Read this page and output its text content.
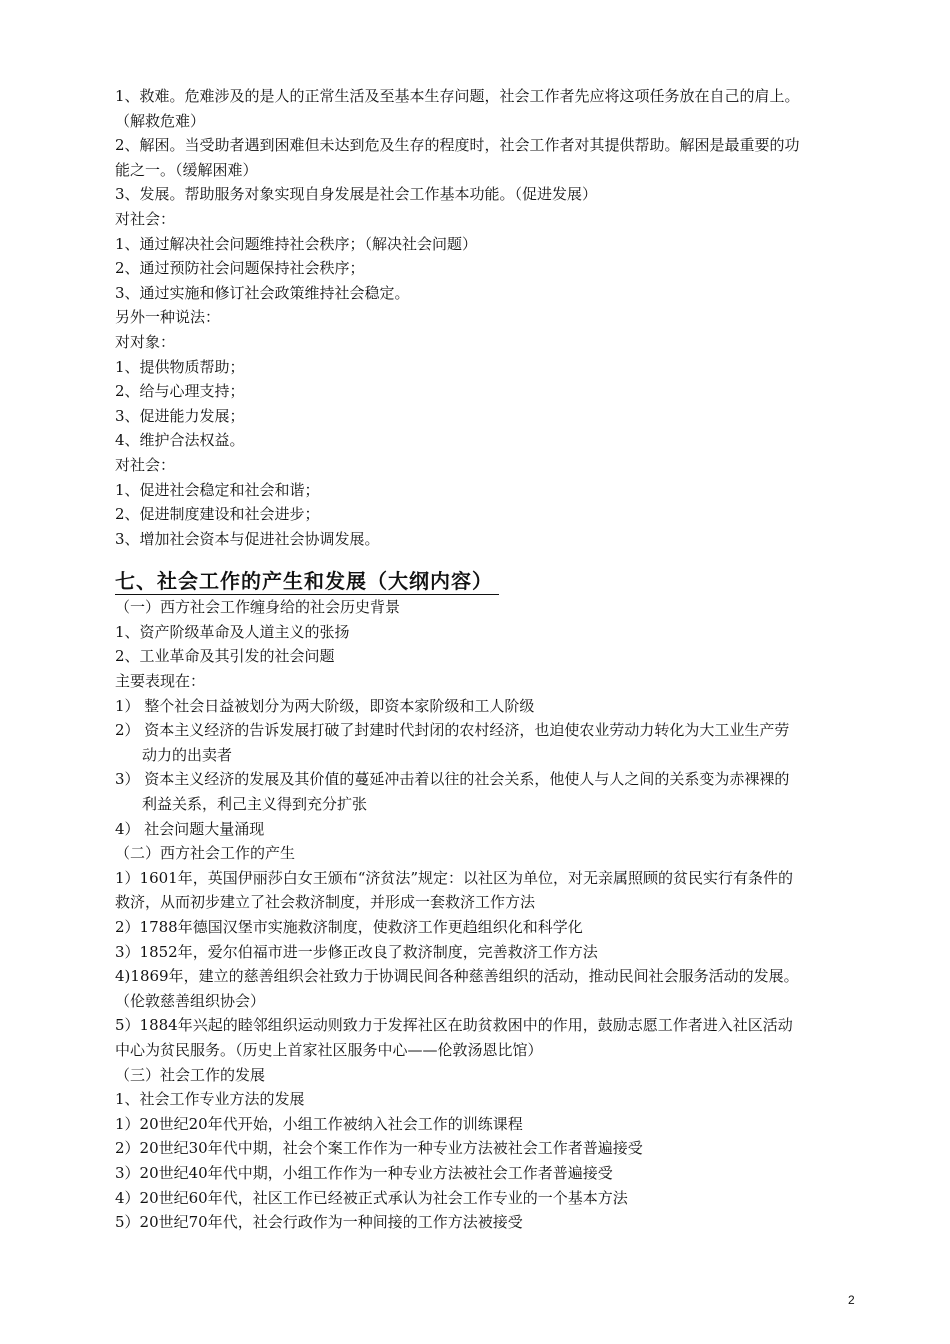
1、救难。危难涉及的是人的正常生活及至基本生存问题，社会工作者先应将这项任务放在自己的肩上。
（解救危难）
2、解困。当受助者遇到困难但未达到危及生存的程度时，社会工作者对其提供帮助。解困是最重要的功
能之一。（缓解困难）
3、发展。帮助服务对象实现自身发展是社会工作基本功能。（促进发展）
对社会：
1、通过解决社会问题维持社会秩序；（解决社会问题）
2、通过预防社会问题保持社会秩序；
3、通过实施和修订社会政策维持社会稳定。
另外一种说法：
对对象：
1、提供物质帮助；
2、给与心理支持；
3、促进能力发展；
4、维护合法权益。
对社会：
1、促进社会稳定和社会和谐；
2、促进制度建设和社会进步；
3、增加社会资本与促进社会协调发展。
七、社会工作的产生和发展（大纲内容）
（一）西方社会工作缠身给的社会历史背景
1、资产阶级革命及人道主义的张扬
2、工业革命及其引发的社会问题
主要表现在：
1） 整个社会日益被划分为两大阶级，即资本家阶级和工人阶级
2） 资本主义经济的告诉发展打破了封建时代封闭的农村经济，也迫使农业劳动力转化为大工业生产劳
动力的出卖者
3） 资本主义经济的发展及其价值的蔓延冲击着以往的社会关系，他使人与人之间的关系变为赤裸裸的
利益关系，利己主义得到充分扩张
4） 社会问题大量涌现
（二）西方社会工作的产生
1）1601年，英国伊丽莎白女王颁布“济贫法”规定：以社区为单位，对无亲属照顾的贫民实行有条件的
救济，从而初步建立了社会救济制度，并形成一套救济工作方法
2）1788年德国汉堡市实施救济制度，使救济工作更趋组织化和科学化
3）1852年，爱尔伯福市进一步修正改良了救济制度，完善救济工作方法
4)1869年，建立的慈善组织会社致力于协调民间各种慈善组织的活动，推动民间社会服务活动的发展。
（伦敦慈善组织协会）
5）1884年兴起的睦邻组织运动则致力于发挥社区在助贫救困中的作用，鼓励志愿工作者进入社区活动
中心为贫民服务。（历史上首家社区服务中心——伦敦汤恩比馆）
（三）社会工作的发展
1、社会工作专业方法的发展
1）20世纪20年代开始，小组工作被纳入社会工作的训练课程
2）20世纪30年代中期，社会个案工作作为一种专业方法被社会工作者普遍接受
3）20世纪40年代中期，小组工作作为一种专业方法被社会工作者普遍接受
4）20世纪60年代，社区工作已经被正式承认为社会工作专业的一个基本方法
5）20世纪70年代，社会行政作为一种间接的工作方法被接受
2
